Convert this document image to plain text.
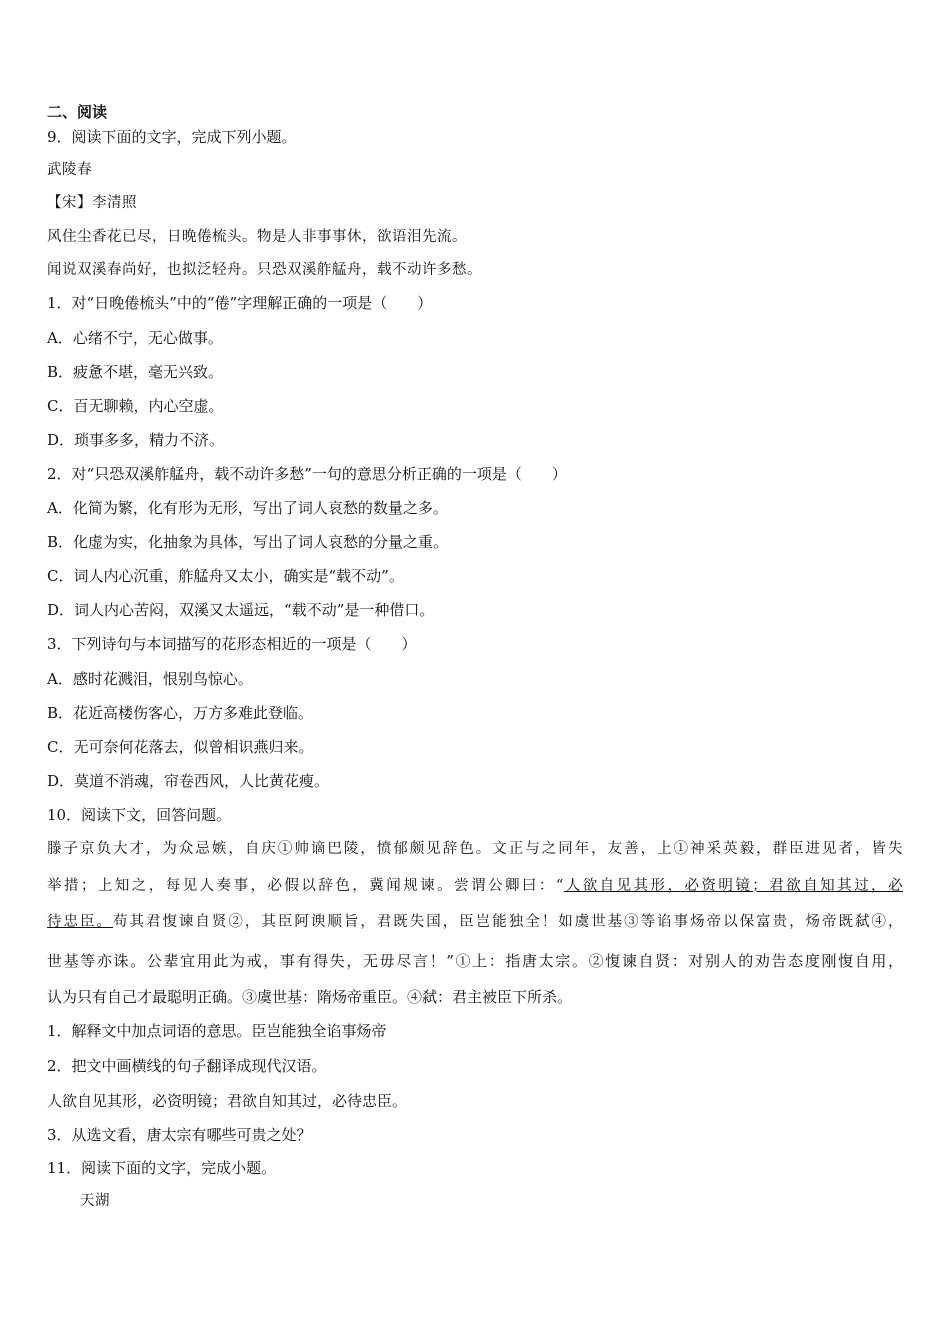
二、阅读
9．阅读下面的文字，完成下列小题。
武陵春
【宋】李清照
风住尘香花已尽，日晚倦梳头。物是人非事事休，欲语泪先流。
闻说双溪春尚好，也拟泛轻舟。只恐双溪舴艋舟，载不动许多愁。
1．对“日晚倦梳头”中的“倦”字理解正确的一项是（　　）
A．心绪不宁，无心做事。
B．疲惫不堪，毫无兴致。
C．百无聊赖，内心空虚。
D．琐事多多，精力不济。
2．对“只恐双溪舴艋舟，载不动许多愁”一句的意思分析正确的一项是（　　）
A．化简为繁，化有形为无形，写出了词人哀愁的数量之多。
B．化虚为实，化抽象为具体，写出了词人哀愁的分量之重。
C．词人内心沉重，舴艋舟又太小，确实是“载不动”。
D．词人内心苦闷，双溪又太遥远，“载不动”是一种借口。
3．下列诗句与本词描写的花形态相近的一项是（　　）
A．感时花溅泪，恨别鸟惊心。
B．花近高楼伤客心，万方多难此登临。
C．无可奈何花落去，似曾相识燕归来。
D．莫道不消魂，帘卷西风，人比黄花瘦。
10．阅读下文，回答问题。
滕子京负大才，为众忌嫉，自庆①帅谪巴陵，愤郁颇见辞色。文正与之同年，友善，上①神采英毅，群臣进见者，皆失
举措；上知之，每见人奏事，必假以辞色，冀闻规谏。尝谓公卿曰：“人欲自见其形，必资明镜；君欲自知其过，必
待忠臣。苟其君愎谏自贤②，其臣阿谀顺旨，君既失国，臣岂能独全！如虞世基③等谄事炀帝以保富贵，炀帝既弑④，
世基等亦诛。公辈宜用此为戒，事有得失，无毋尽言！”①上：指唐太宗。②愎谏自贤：对别人的劝告态度刚愎自用，
认为只有自己才最聪明正确。③虞世基：隋炀帝重臣。④弑：君主被臣下所杀。
1．解释文中加点词语的意思。臣岂能独全谄事炀帝
2．把文中画横线的句子翻译成现代汉语。
人欲自见其形，必资明镜；君欲自知其过，必待忠臣。
3．从选文看，唐太宗有哪些可贵之处？
11．阅读下面的文字，完成小题。
天湖
